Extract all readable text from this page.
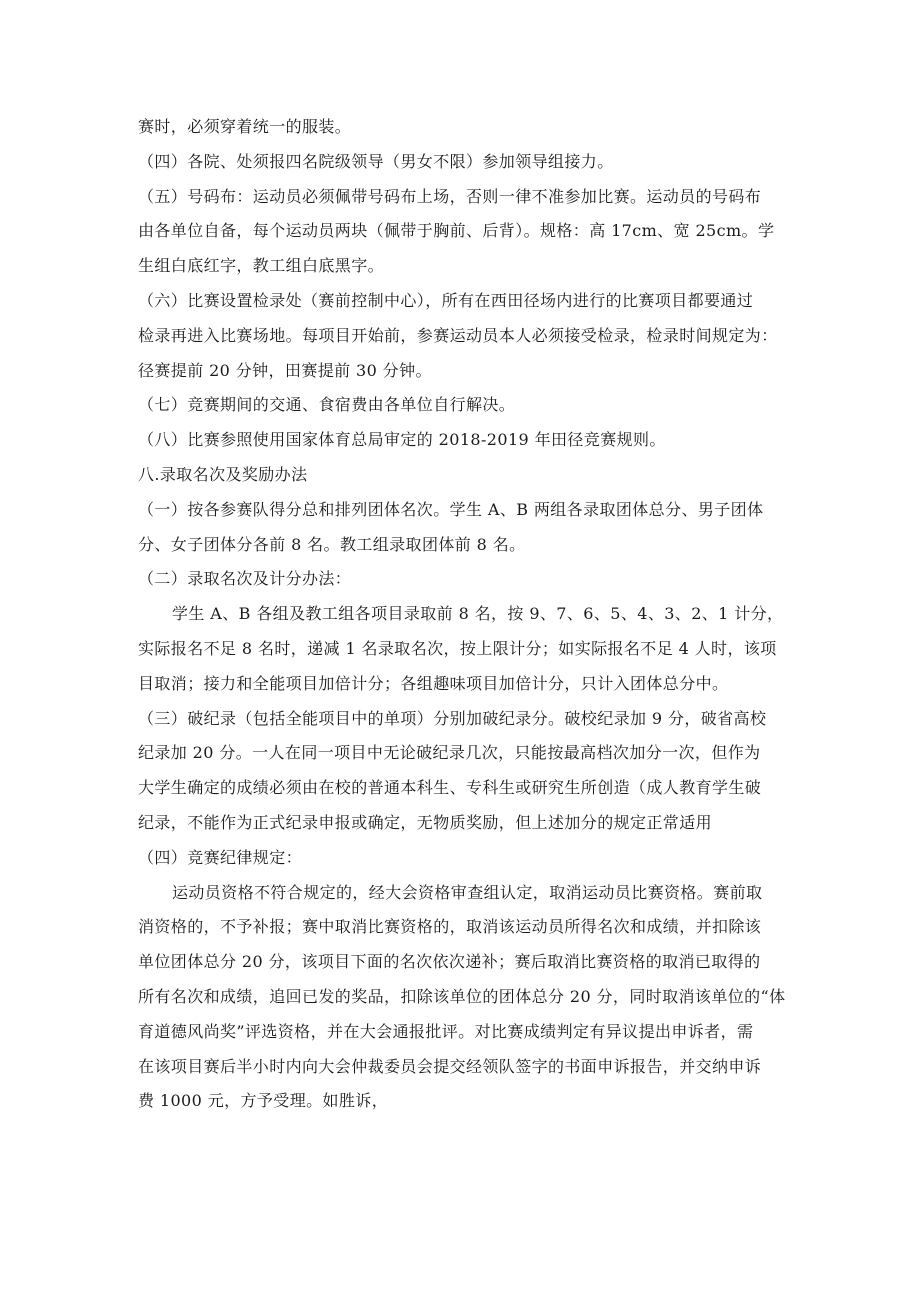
赛时，必须穿着统一的服装。

（四）各院、处须报四名院级领导（男女不限）参加领导组接力。

（五）号码布：运动员必须佩带号码布上场，否则一律不准参加比赛。运动员的号码布

由各单位自备，每个运动员两块（佩带于胸前、后背）。规格：高 17cm、宽 25cm。学

生组白底红字，教工组白底黑字。

（六）比赛设置检录处（赛前控制中心），所有在西田径场内进行的比赛项目都要通过

检录再进入比赛场地。每项目开始前，参赛运动员本人必须接受检录，检录时间规定为：

径赛提前 20 分钟，田赛提前 30 分钟。

（七）竞赛期间的交通、食宿费由各单位自行解决。

（八）比赛参照使用国家体育总局审定的 2018-2019 年田径竞赛规则。

八.录取名次及奖励办法

（一）按各参赛队得分总和排列团体名次。学生 A、B 两组各录取团体总分、男子团体

分、女子团体分各前 8 名。教工组录取团体前 8 名。

（二）录取名次及计分办法：

学生 A、B 各组及教工组各项目录取前 8 名，按 9、7、6、5、4、3、2、1 计分，

实际报名不足 8 名时，递减 1 名录取名次，按上限计分；如实际报名不足 4 人时，该项

目取消；接力和全能项目加倍计分；各组趣味项目加倍计分，只计入团体总分中。

（三）破纪录（包括全能项目中的单项）分别加破纪录分。破校纪录加 9 分，破省高校

纪录加 20 分。一人在同一项目中无论破纪录几次，只能按最高档次加分一次，但作为

大学生确定的成绩必须由在校的普通本科生、专科生或研究生所创造（成人教育学生破

纪录，不能作为正式纪录申报或确定，无物质奖励，但上述加分的规定正常适用

（四）竞赛纪律规定：

运动员资格不符合规定的，经大会资格审查组认定，取消运动员比赛资格。赛前取

消资格的，不予补报；赛中取消比赛资格的，取消该运动员所得名次和成绩，并扣除该

单位团体总分 20 分，该项目下面的名次依次递补；赛后取消比赛资格的取消已取得的

所有名次和成绩，追回已发的奖品，扣除该单位的团体总分 20 分，同时取消该单位的“体

育道德风尚奖”评选资格，并在大会通报批评。对比赛成绩判定有异议提出申诉者，需

在该项目赛后半小时内向大会仲裁委员会提交经领队签字的书面申诉报告，并交纳申诉

费 1000 元，方予受理。如胜诉，
